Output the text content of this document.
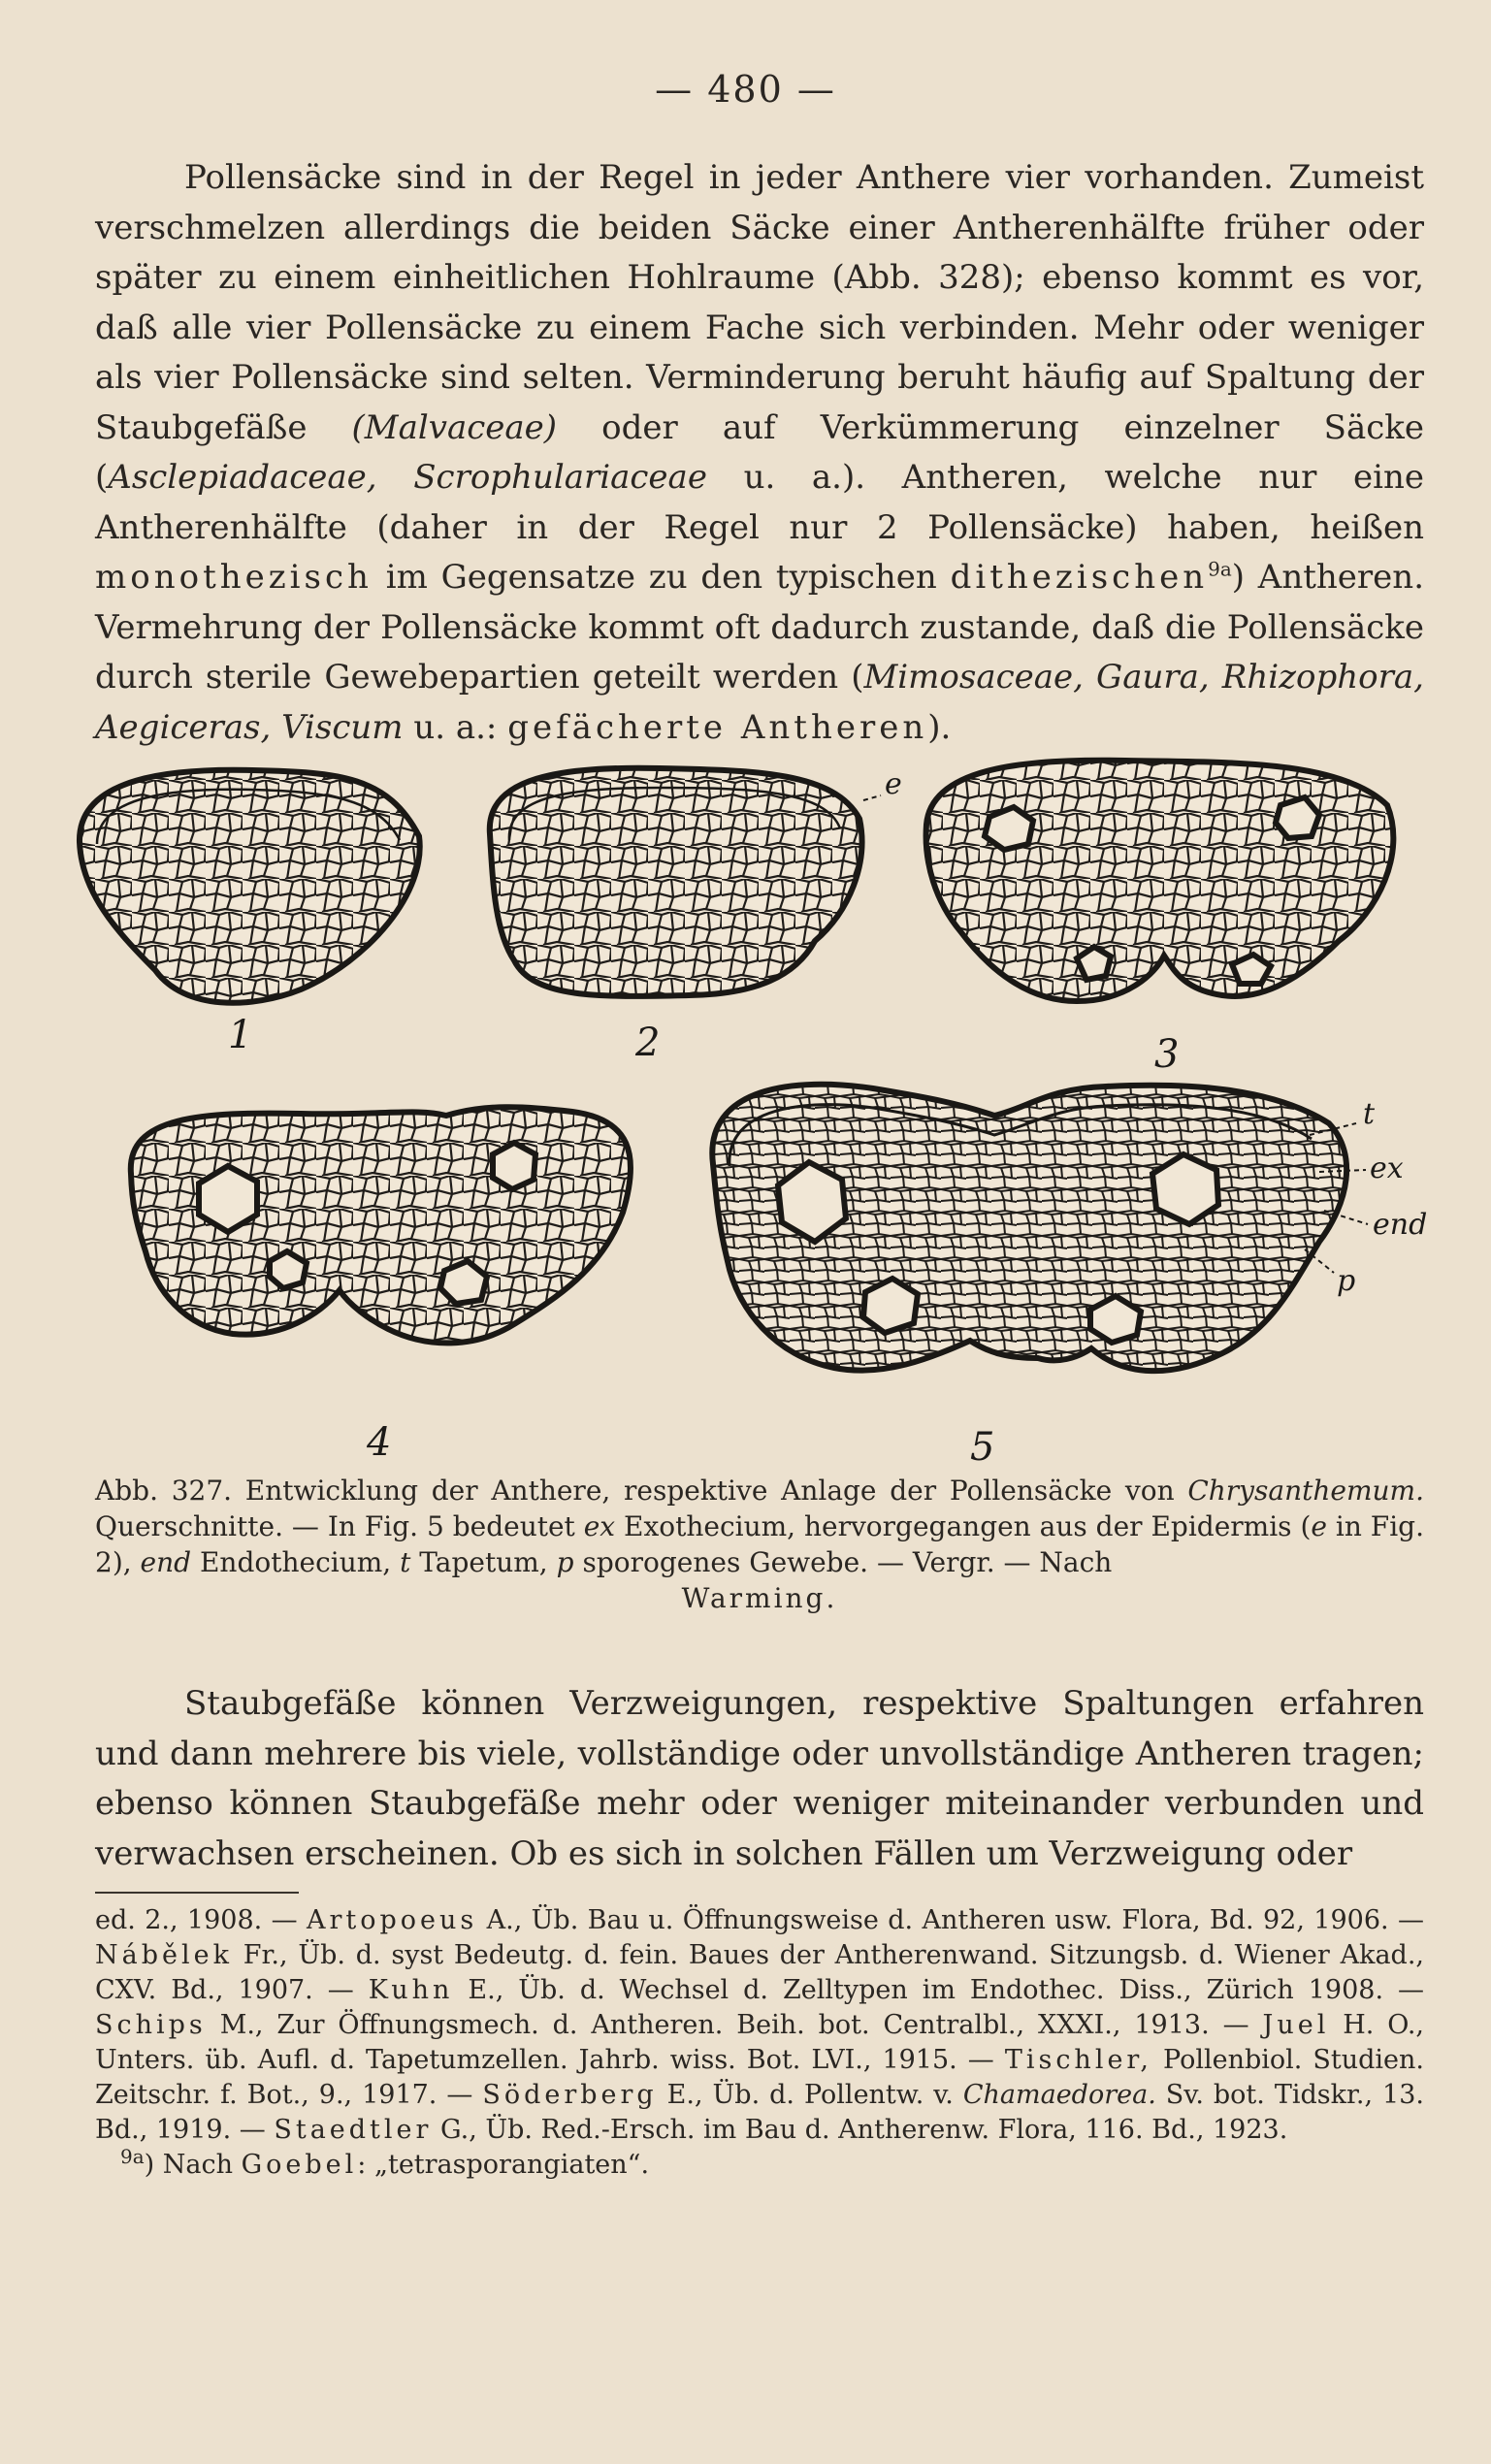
— 480 —

Pollensäcke sind in der Regel in jeder Anthere vier vorhanden. Zumeist verschmelzen allerdings die beiden Säcke einer Antherenhälfte früher oder später zu einem einheitlichen Hohlraume (Abb. 328); ebenso kommt es vor, daß alle vier Pollensäcke zu einem Fache sich verbinden. Mehr oder weniger als vier Pollensäcke sind selten. Verminderung beruht häufig auf Spaltung der Staubgefäße (Malvaceae) oder auf Verkümmerung einzelner Säcke (Asclepiadaceae, Scrophulariaceae u. a.). Antheren, welche nur eine Antherenhälfte (daher in der Regel nur 2 Pollensäcke) haben, heißen monothezisch im Gegensatze zu den typischen dithezischen$^{9a}$) Antheren. Vermehrung der Pollensäcke kommt oft dadurch zustande, daß die Pollensäcke durch sterile Gewebepartien geteilt werden (Mimosaceae, Gaura, Rhizophora, Aegiceras, Viscum u. a.: gefächerte Antheren).

1
e
2	3
4
t
ex
end
p
5
Abb. 327. Entwicklung der Anthere, respektive Anlage der Pollensäcke von Chrysanthemum. Querschnitte. — In Fig. 5 bedeutet ex Exothecium, hervorgegangen aus der Epidermis (e in Fig. 2), end Endothecium, t Tapetum, p sporogenes Gewebe. — Vergr. — Nach
Warming.

Staubgefäße können Verzweigungen, respektive Spaltungen erfahren und dann mehrere bis viele, vollständige oder unvollständige Antheren tragen; ebenso können Staubgefäße mehr oder weniger miteinander verbunden und verwachsen erscheinen. Ob es sich in solchen Fällen um Verzweigung oder

ed. 2., 1908. — Artopoeus A., Üb. Bau u. Öffnungsweise d. Antheren usw. Flora, Bd. 92, 1906. — Nábělek Fr., Üb. d. syst Bedeutg. d. fein. Baues der Antherenwand. Sitzungsb. d. Wiener Akad., CXV. Bd., 1907. — Kuhn E., Üb. d. Wechsel d. Zelltypen im Endothec. Diss., Zürich 1908. — Schips M., Zur Öffnungsmech. d. Antheren. Beih. bot. Centralbl., XXXI., 1913. — Juel H. O., Unters. üb. Aufl. d. Tapetumzellen. Jahrb. wiss. Bot. LVI., 1915. — Tischler, Pollenbiol. Studien. Zeitschr. f. Bot., 9., 1917. — Söderberg E., Üb. d. Pollentw. v. Chamaedorea. Sv. bot. Tidskr., 13. Bd., 1919. — Staedtler G., Üb. Red.-Ersch. im Bau d. Antherenw. Flora, 116. Bd., 1923.

$^{9a}$) Nach Goebel: „tetrasporangiaten“.
